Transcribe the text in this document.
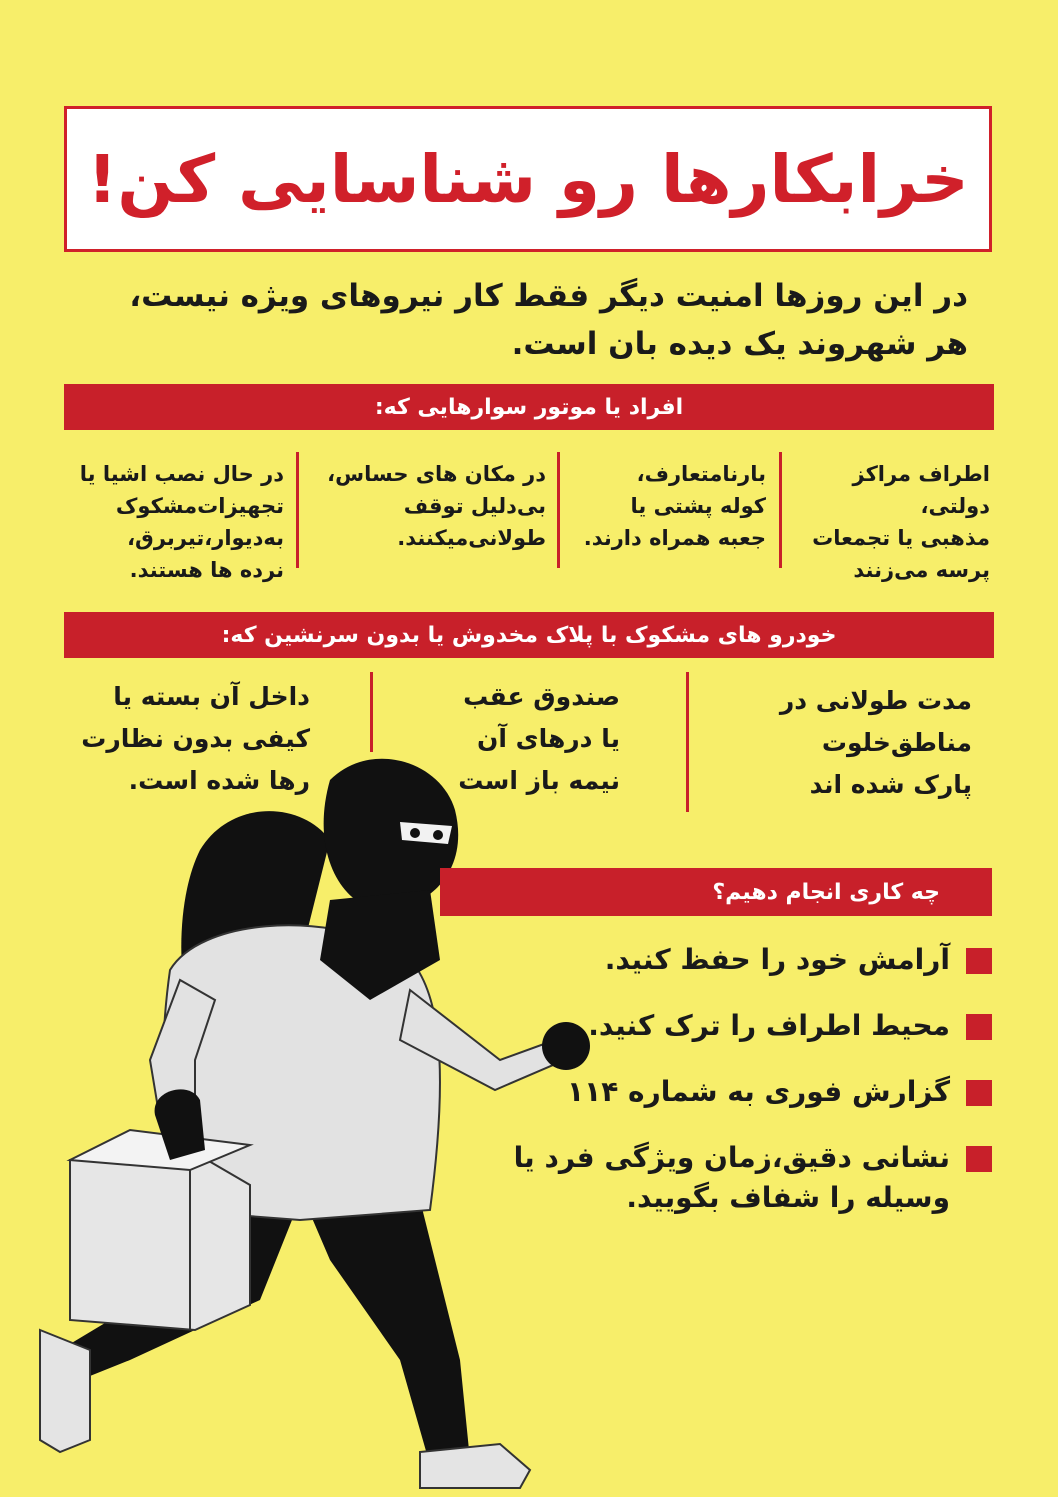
خرابکارها رو شناسایی کن!
در این روزها امنیت دیگر فقط کار نیروهای ویژه نیست،
هر شهروند یک دیده بان است.
افراد یا موتور سوارهایی که:
اطراف مراکز دولتی،
مذهبی یا تجمعات
پرسه می‌زنند
بارنامتعارف،
کوله پشتی یا
جعبه همراه دارند.
در مکان های حساس،
بی‌دلیل توقف
طولانی‌میکنند.
در حال نصب اشیا یا
تجهیزات‌مشکوک
به‌دیوار،تیربرق،
نرده ها هستند.
خودرو های مشکوک با پلاک مخدوش یا بدون سرنشین که:
مدت طولانی در
مناطق‌خلوت
پارک شده اند
صندوق عقب
یا درهای آن
نیمه باز است
داخل آن بسته یا
کیفی بدون نظارت
رها شده است.
چه کاری انجام دهیم؟
آرامش خود را حفظ کنید.
محیط اطراف را ترک کنید.
گزارش فوری به شماره ۱۱۴
نشانی دقیق،زمان ویژگی فرد یا وسیله را شفاف بگویید.
